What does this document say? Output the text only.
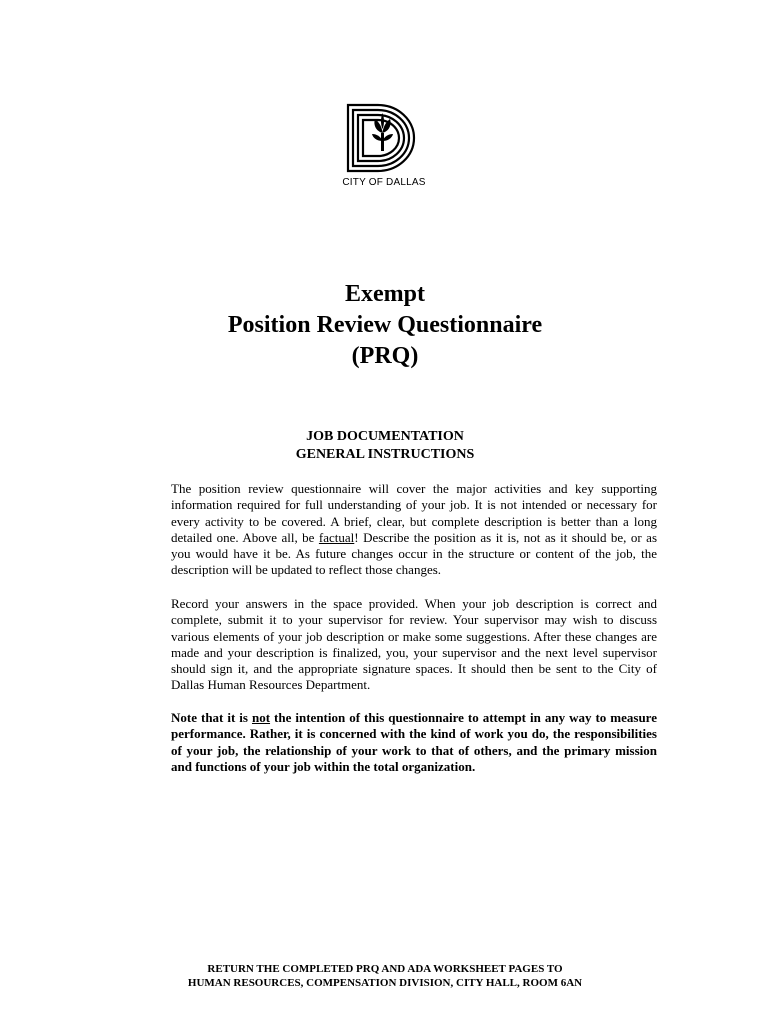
CITY OF DALLAS
Exempt
Position Review Questionnaire
(PRQ)
JOB DOCUMENTATION
GENERAL INSTRUCTIONS
The position review questionnaire will cover the major activities and key supporting information required for full understanding of your job. It is not intended or necessary for every activity to be covered. A brief, clear, but complete description is better than a long detailed one. Above all, be factual! Describe the position as it is, not as it should be, or as you would have it be. As future changes occur in the structure or content of the job, the description will be updated to reflect those changes.
Record your answers in the space provided. When your job description is correct and complete, submit it to your supervisor for review. Your supervisor may wish to discuss various elements of your job description or make some suggestions. After these changes are made and your description is finalized, you, your supervisor and the next level supervisor should sign it, and the appropriate signature spaces. It should then be sent to the City of Dallas Human Resources Department.
Note that it is not the intention of this questionnaire to attempt in any way to measure performance. Rather, it is concerned with the kind of work you do, the responsibilities of your job, the relationship of your work to that of others, and the primary mission and functions of your job within the total organization.
RETURN THE COMPLETED PRQ AND ADA WORKSHEET PAGES TO
HUMAN RESOURCES, COMPENSATION DIVISION, CITY HALL, ROOM 6AN
